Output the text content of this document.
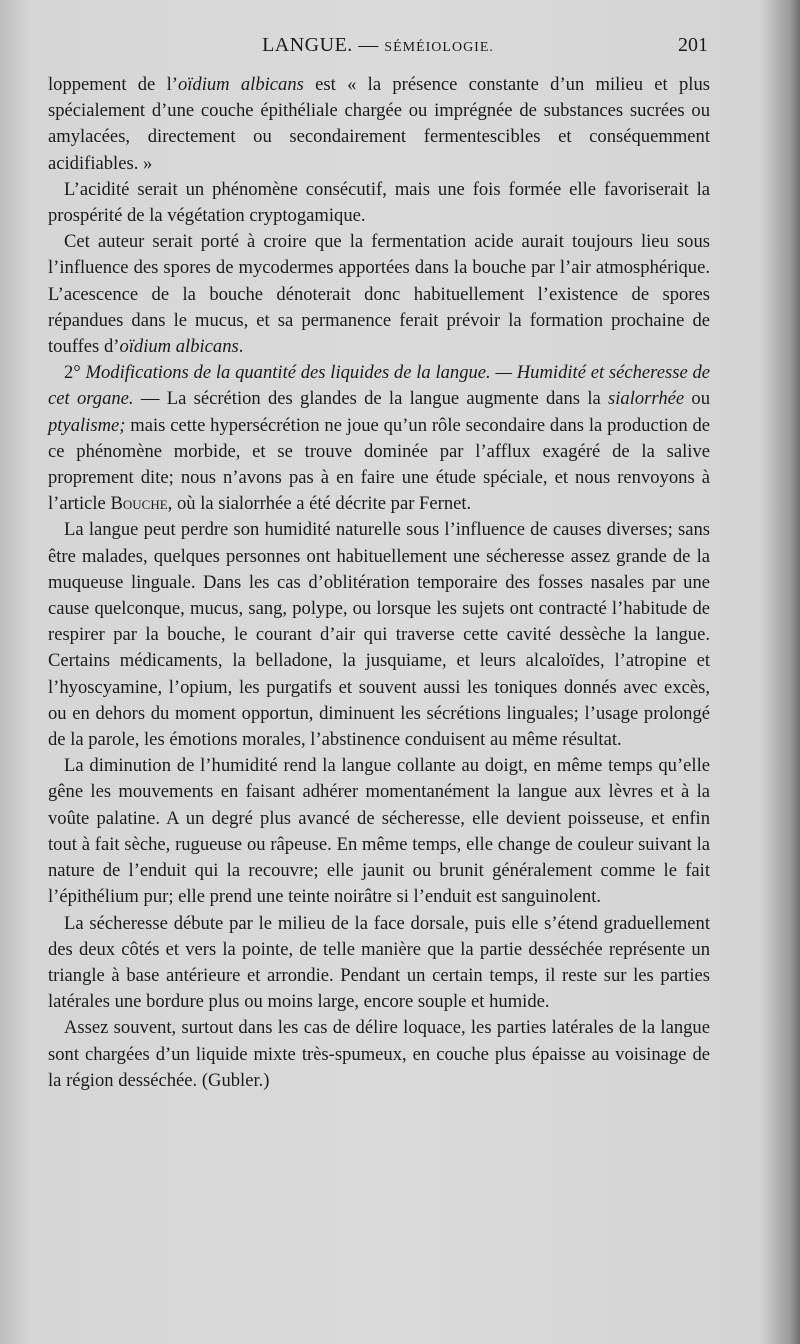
LANGUE. — SÉMÉIOLOGIE.	201

loppement de l’oïdium albicans est « la présence constante d’un milieu et plus spécialement d’une couche épithéliale chargée ou imprégnée de substances sucrées ou amylacées, directement ou secondairement fermentescibles et conséquemment acidifiables. »

L’acidité serait un phénomène consécutif, mais une fois formée elle favoriserait la prospérité de la végétation cryptogamique.

Cet auteur serait porté à croire que la fermentation acide aurait toujours lieu sous l’influence des spores de mycodermes apportées dans la bouche par l’air atmosphérique. L’acescence de la bouche dénoterait donc habituellement l’existence de spores répandues dans le mucus, et sa permanence ferait prévoir la formation prochaine de touffes d’oïdium albicans.

2° Modifications de la quantité des liquides de la langue. — Humidité et sécheresse de cet organe. — La sécrétion des glandes de la langue augmente dans la sialorrhée ou ptyalisme; mais cette hypersécrétion ne joue qu’un rôle secondaire dans la production de ce phénomène morbide, et se trouve dominée par l’afflux exagéré de la salive proprement dite; nous n’avons pas à en faire une étude spéciale, et nous renvoyons à l’article Bouche, où la sialorrhée a été décrite par Fernet.

La langue peut perdre son humidité naturelle sous l’influence de causes diverses; sans être malades, quelques personnes ont habituellement une sécheresse assez grande de la muqueuse linguale. Dans les cas d’oblitération temporaire des fosses nasales par une cause quelconque, mucus, sang, polype, ou lorsque les sujets ont contracté l’habitude de respirer par la bouche, le courant d’air qui traverse cette cavité dessèche la langue. Certains médicaments, la belladone, la jusquiame, et leurs alcaloïdes, l’atropine et l’hyoscyamine, l’opium, les purgatifs et souvent aussi les toniques donnés avec excès, ou en dehors du moment opportun, diminuent les sécrétions linguales; l’usage prolongé de la parole, les émotions morales, l’abstinence conduisent au même résultat.

La diminution de l’humidité rend la langue collante au doigt, en même temps qu’elle gêne les mouvements en faisant adhérer momentanément la langue aux lèvres et à la voûte palatine. A un degré plus avancé de sécheresse, elle devient poisseuse, et enfin tout à fait sèche, rugueuse ou râpeuse. En même temps, elle change de couleur suivant la nature de l’enduit qui la recouvre; elle jaunit ou brunit généralement comme le fait l’épithélium pur; elle prend une teinte noirâtre si l’enduit est sanguinolent.

La sécheresse débute par le milieu de la face dorsale, puis elle s’étend graduellement des deux côtés et vers la pointe, de telle manière que la partie desséchée représente un triangle à base antérieure et arrondie. Pendant un certain temps, il reste sur les parties latérales une bordure plus ou moins large, encore souple et humide.

Assez souvent, surtout dans les cas de délire loquace, les parties latérales de la langue sont chargées d’un liquide mixte très-spumeux, en couche plus épaisse au voisinage de la région desséchée. (Gubler.)
